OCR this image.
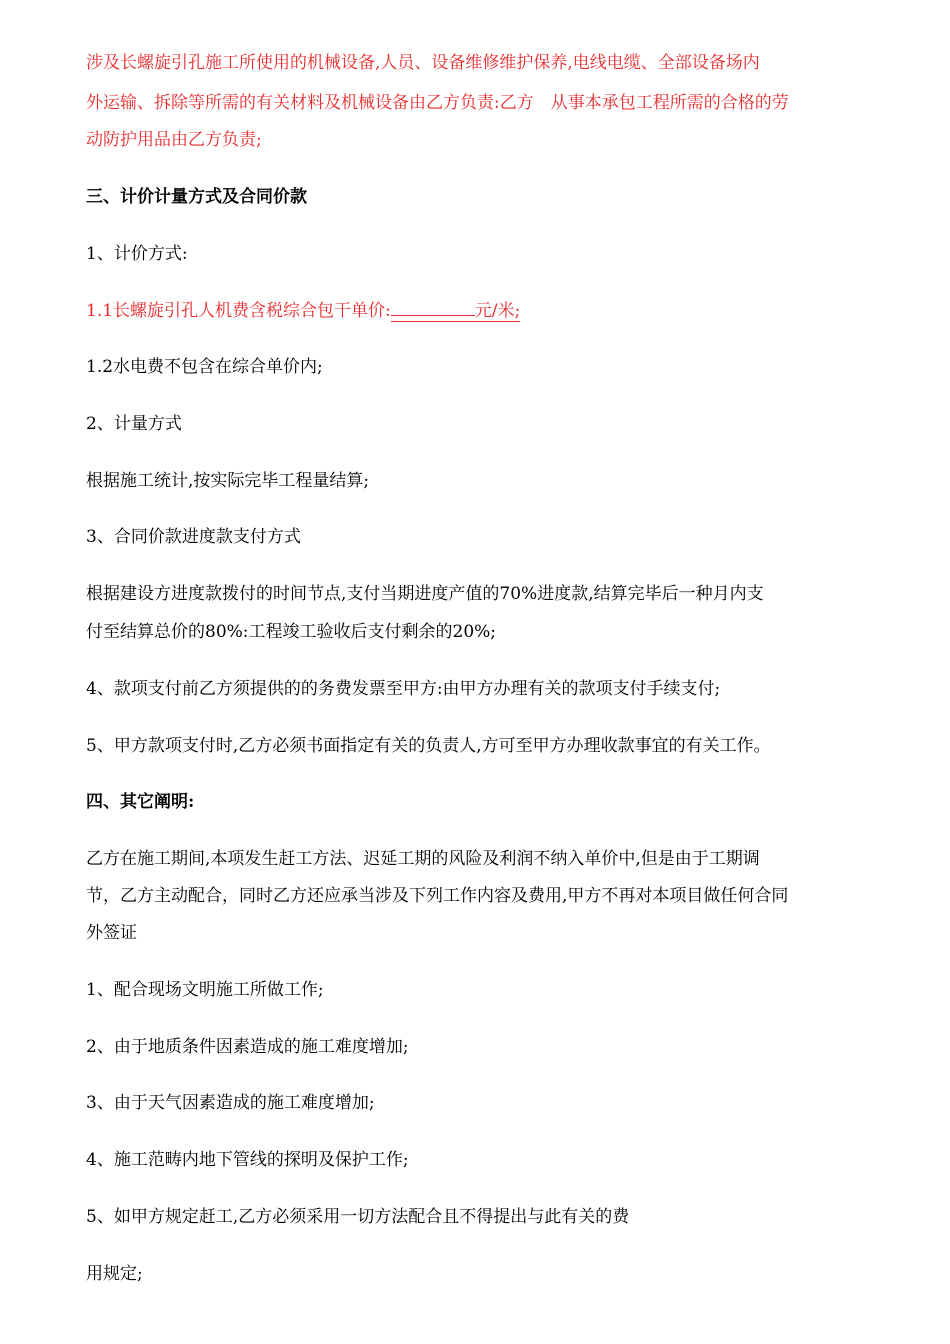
涉及长螺旋引孔施工所使用的机械设备,人员、设备维修维护保养,电线电缆、全部设备场内

外运输、拆除等所需的有关材料及机械设备由乙方负责:乙方　从事本承包工程所需的合格的劳

动防护用品由乙方负责;

三、计价计量方式及合同价款

1、计价方式:

1.1长螺旋引孔人机费含税综合包干单价:	元/米;

1.2水电费不包含在综合单价内;

2、计量方式

根据施工统计,按实际完毕工程量结算;

3、合同价款进度款支付方式

根据建设方进度款拨付的时间节点,支付当期进度产值的70%进度款,结算完毕后一种月内支

付至结算总价的80%:工程竣工验收后支付剩余的20%;

4、款项支付前乙方须提供的的务费发票至甲方:由甲方办理有关的款项支付手续支付;

5、甲方款项支付时,乙方必须书面指定有关的负责人,方可至甲方办理收款事宜的有关工作。

四、其它阐明:

乙方在施工期间,本项发生赶工方法、迟延工期的风险及利润不纳入单价中,但是由于工期调

节，乙方主动配合，同时乙方还应承当涉及下列工作内容及费用,甲方不再对本项目做任何合同

外签证

1、配合现场文明施工所做工作;

2、由于地质条件因素造成的施工难度增加;

3、由于天气因素造成的施工难度增加;

4、施工范畴内地下管线的探明及保护工作;

5、如甲方规定赶工,乙方必须采用一切方法配合且不得提出与此有关的费

用规定;
